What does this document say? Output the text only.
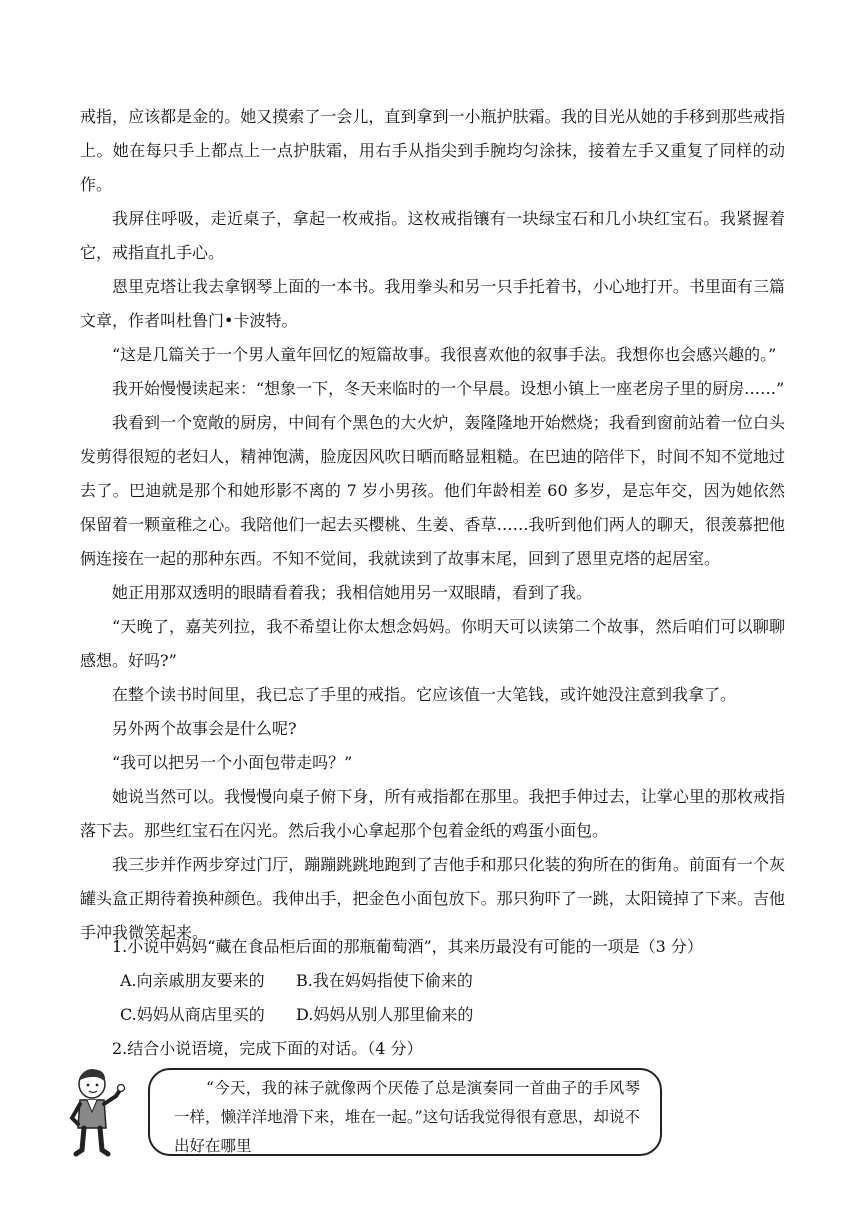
戒指，应该都是金的。她又摸索了一会儿，直到拿到一小瓶护肤霜。我的目光从她的手移到那些戒指上。她在每只手上都点上一点护肤霜，用右手从指尖到手腕均匀涂抹，接着左手又重复了同样的动作。

我屏住呼吸，走近桌子，拿起一枚戒指。这枚戒指镶有一块绿宝石和几小块红宝石。我紧握着它，戒指直扎手心。

恩里克塔让我去拿钢琴上面的一本书。我用拳头和另一只手托着书，小心地打开。书里面有三篇文章，作者叫杜鲁门•卡波特。

“这是几篇关于一个男人童年回忆的短篇故事。我很喜欢他的叙事手法。我想你也会感兴趣的。”

我开始慢慢读起来：“想象一下，冬天来临时的一个早晨。设想小镇上一座老房子里的厨房……”

我看到一个宽敞的厨房，中间有个黑色的大火炉，轰隆隆地开始燃烧；我看到窗前站着一位白头发剪得很短的老妇人，精神饱满，脸庞因风吹日晒而略显粗糙。在巴迪的陪伴下，时间不知不觉地过去了。巴迪就是那个和她形影不离的 7 岁小男孩。他们年龄相差 60 多岁，是忘年交，因为她依然保留着一颗童稚之心。我陪他们一起去买樱桃、生姜、香草……我听到他们两人的聊天，很羡慕把他俩连接在一起的那种东西。不知不觉间，我就读到了故事末尾，回到了恩里克塔的起居室。

她正用那双透明的眼睛看着我；我相信她用另一双眼睛，看到了我。

“天晚了，嘉芙列拉，我不希望让你太想念妈妈。你明天可以读第二个故事，然后咱们可以聊聊感想。好吗?”

在整个读书时间里，我已忘了手里的戒指。它应该值一大笔钱，或许她没注意到我拿了。

另外两个故事会是什么呢?

“我可以把另一个小面包带走吗？”

她说当然可以。我慢慢向桌子俯下身，所有戒指都在那里。我把手伸过去，让掌心里的那枚戒指落下去。那些红宝石在闪光。然后我小心拿起那个包着金纸的鸡蛋小面包。

我三步并作两步穿过门厅，蹦蹦跳跳地跑到了吉他手和那只化装的狗所在的街角。前面有一个灰罐头盒正期待着换种颜色。我伸出手，把金色小面包放下。那只狗吓了一跳，太阳镜掉了下来。吉他手冲我微笑起来。

1.小说中妈妈“藏在食品柜后面的那瓶葡萄酒”，其来历最没有可能的一项是（3 分）

A.向亲戚朋友要来的	B.我在妈妈指使下偷来的
C.妈妈从商店里买的	D.妈妈从别人那里偷来的

2.结合小说语境，完成下面的对话。（4 分）

“今天，我的袜子就像两个厌倦了总是演奏同一首曲子的手风琴一样，懒洋洋地滑下来，堆在一起。”这句话我觉得很有意思，却说不出好在哪里
